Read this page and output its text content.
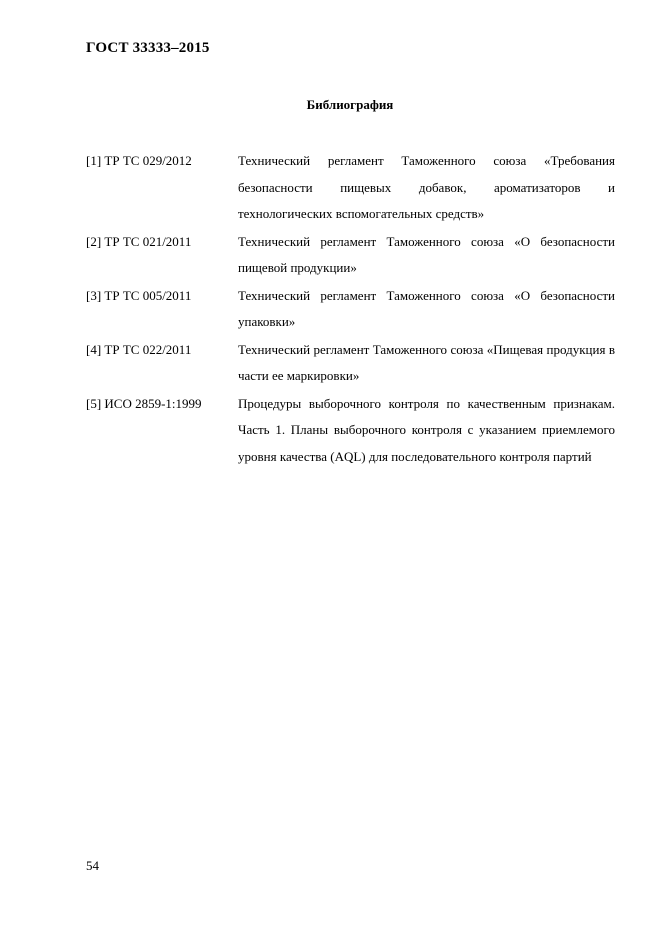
ГОСТ 33333–2015
Библиография
[1] ТР ТС 029/2012	Технический регламент Таможенного союза «Требования безопасности пищевых добавок, ароматизаторов и технологических вспомогательных средств»
[2] ТР ТС 021/2011	Технический регламент Таможенного союза «О безопасности пищевой продукции»
[3] ТР ТС 005/2011	Технический регламент Таможенного союза «О безопасности упаковки»
[4] ТР ТС 022/2011	Технический регламент Таможенного союза «Пищевая продукция в части ее маркировки»
[5] ИСО 2859-1:1999	Процедуры выборочного контроля по качественным признакам. Часть 1. Планы выборочного контроля с указанием приемлемого уровня качества (AQL) для последовательного контроля партий
54
